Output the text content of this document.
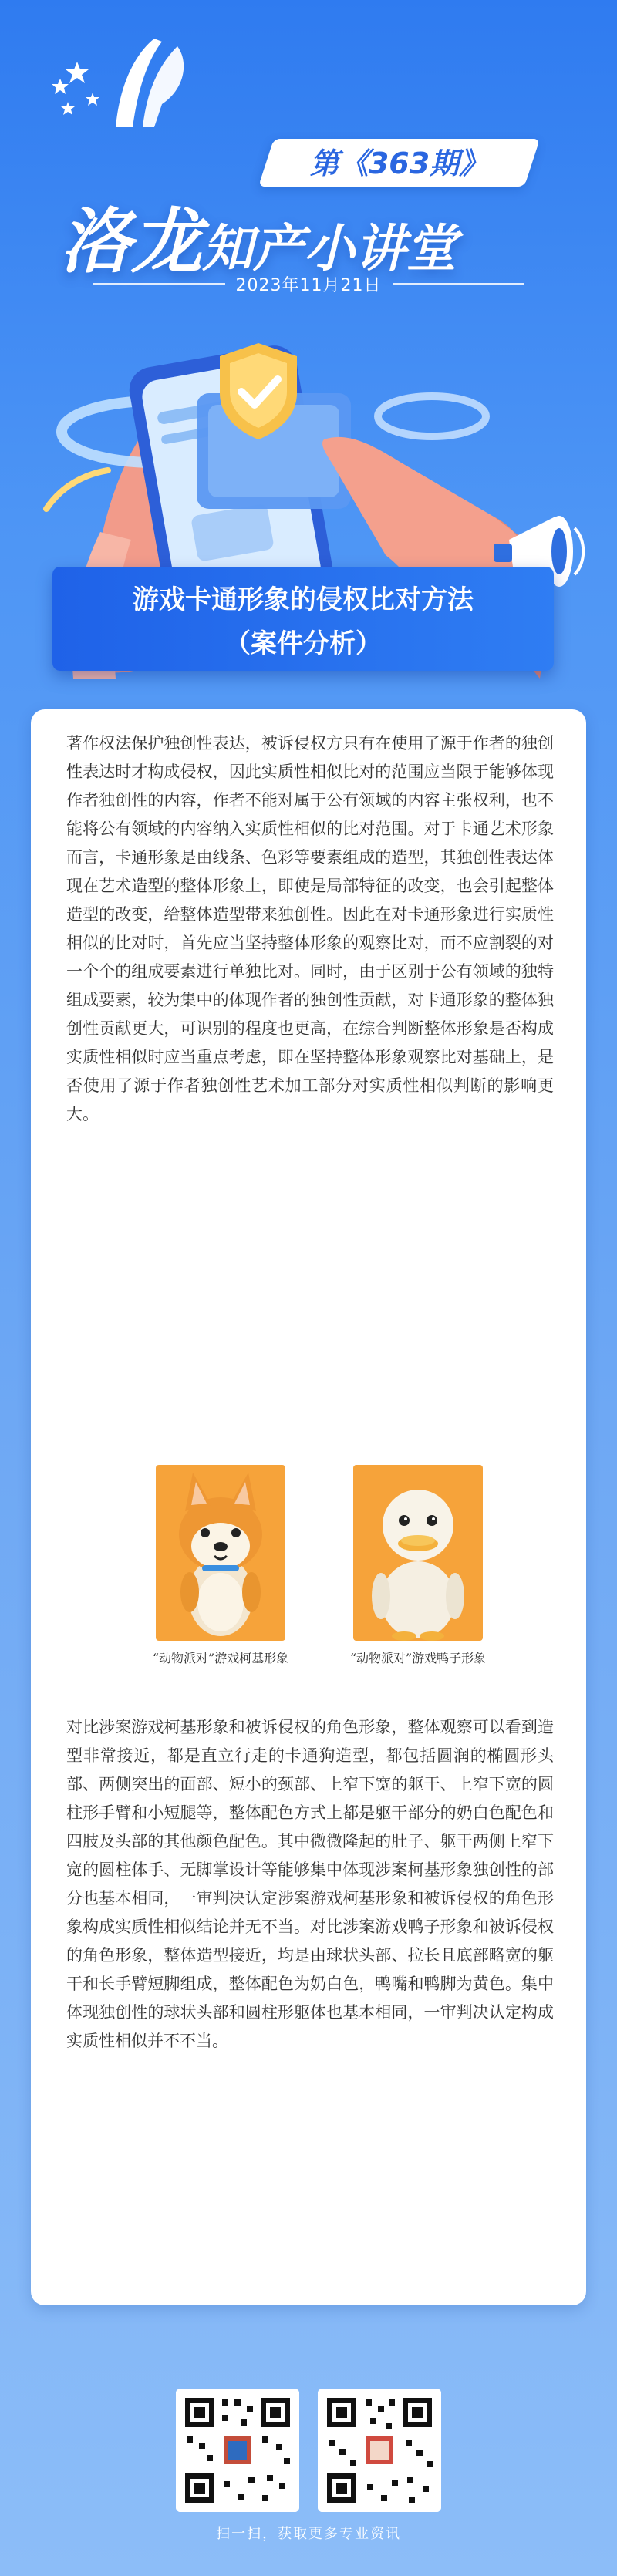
第《363期》
洛龙知产小讲堂
2023年11月21日
游戏卡通形象的侵权比对方法
（案件分析）

著作权法保护独创性表达，被诉侵权方只有在使用了源于作者的独创性表达时才构成侵权，因此实质性相似比对的范围应当限于能够体现作者独创性的内容，作者不能对属于公有领域的内容主张权利，也不能将公有领域的内容纳入实质性相似的比对范围。对于卡通艺术形象而言，卡通形象是由线条、色彩等要素组成的造型，其独创性表达体现在艺术造型的整体形象上，即使是局部特征的改变，也会引起整体造型的改变，给整体造型带来独创性。因此在对卡通形象进行实质性相似的比对时，首先应当坚持整体形象的观察比对，而不应割裂的对一个个的组成要素进行单独比对。同时，由于区别于公有领域的独特组成要素，较为集中的体现作者的独创性贡献，对卡通形象的整体独创性贡献更大，可识别的程度也更高，在综合判断整体形象是否构成实质性相似时应当重点考虑，即在坚持整体形象观察比对基础上，是否使用了源于作者独创性艺术加工部分对实质性相似判断的影响更大。

“动物派对”游戏柯基形象	“动物派对”游戏鸭子形象

对比涉案游戏柯基形象和被诉侵权的角色形象，整体观察可以看到造型非常接近，都是直立行走的卡通狗造型，都包括圆润的椭圆形头部、两侧突出的面部、短小的颈部、上窄下宽的躯干、上窄下宽的圆柱形手臂和小短腿等，整体配色方式上都是躯干部分的奶白色配色和四肢及头部的其他颜色配色。其中微微隆起的肚子、躯干两侧上窄下宽的圆柱体手、无脚掌设计等能够集中体现涉案柯基形象独创性的部分也基本相同，一审判决认定涉案游戏柯基形象和被诉侵权的角色形象构成实质性相似结论并无不当。对比涉案游戏鸭子形象和被诉侵权的角色形象，整体造型接近，均是由球状头部、拉长且底部略宽的躯干和长手臂短脚组成，整体配色为奶白色，鸭嘴和鸭脚为黄色。集中体现独创性的球状头部和圆柱形躯体也基本相同，一审判决认定构成实质性相似并不不当。

扫一扫，获取更多专业资讯
